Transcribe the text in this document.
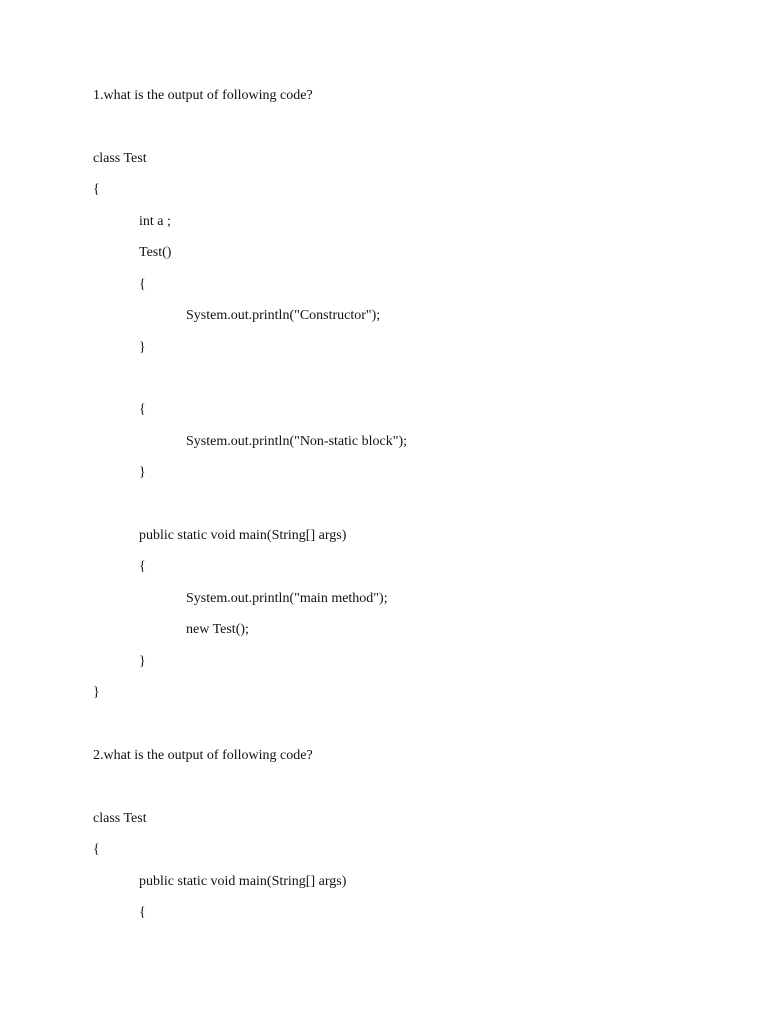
1.what is the output of following code?
class Test
{
int a ;
Test()
{
System.out.println("Constructor");
}
{
System.out.println("Non-static block");
}
public static void main(String[] args)
{
System.out.println("main method");
new Test();
}
}
2.what is the output of following code?
class Test
{
public static void main(String[] args)
{
